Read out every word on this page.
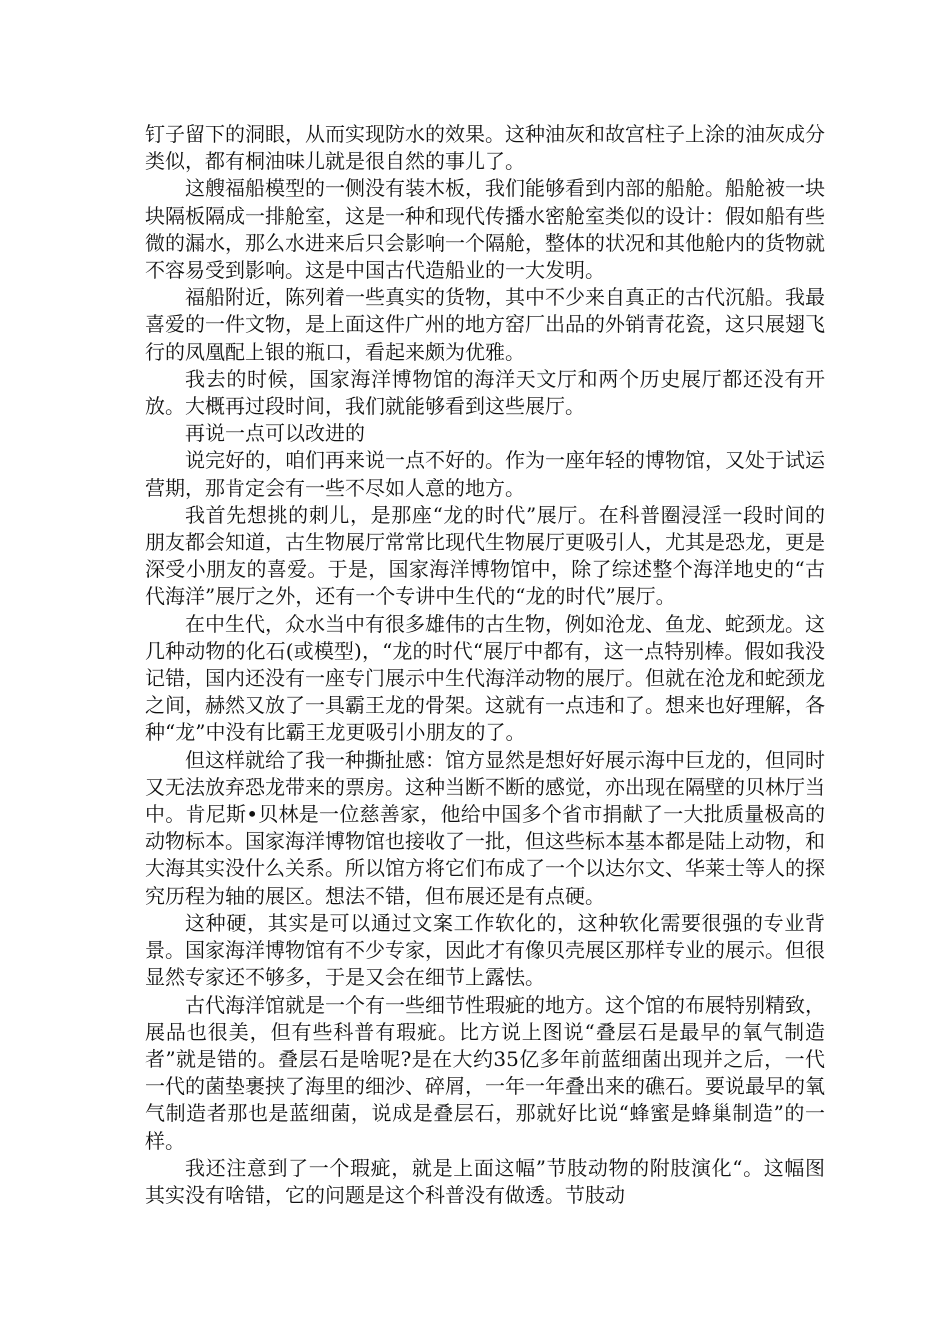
钉子留下的洞眼，从而实现防水的效果。这种油灰和故宫柱子上涂的油灰成分类似，都有桐油味儿就是很自然的事儿了。

这艘福船模型的一侧没有装木板，我们能够看到内部的船舱。船舱被一块块隔板隔成一排舱室，这是一种和现代传播水密舱室类似的设计：假如船有些微的漏水，那么水进来后只会影响一个隔舱，整体的状况和其他舱内的货物就不容易受到影响。这是中国古代造船业的一大发明。

福船附近，陈列着一些真实的货物，其中不少来自真正的古代沉船。我最喜爱的一件文物，是上面这件广州的地方窑厂出品的外销青花瓷，这只展翅飞行的凤凰配上银的瓶口，看起来颇为优雅。

我去的时候，国家海洋博物馆的海洋天文厅和两个历史展厅都还没有开放。大概再过段时间，我们就能够看到这些展厅。

再说一点可以改进的

说完好的，咱们再来说一点不好的。作为一座年轻的博物馆，又处于试运营期，那肯定会有一些不尽如人意的地方。

我首先想挑的刺儿，是那座“龙的时代”展厅。在科普圈浸淫一段时间的朋友都会知道，古生物展厅常常比现代生物展厅更吸引人，尤其是恐龙，更是深受小朋友的喜爱。于是，国家海洋博物馆中，除了综述整个海洋地史的“古代海洋”展厅之外，还有一个专讲中生代的“龙的时代”展厅。

在中生代，众水当中有很多雄伟的古生物，例如沧龙、鱼龙、蛇颈龙。这几种动物的化石(或模型)，“龙的时代“展厅中都有，这一点特别棒。假如我没记错，国内还没有一座专门展示中生代海洋动物的展厅。但就在沧龙和蛇颈龙之间，赫然又放了一具霸王龙的骨架。这就有一点违和了。想来也好理解，各种“龙”中没有比霸王龙更吸引小朋友的了。

但这样就给了我一种撕扯感：馆方显然是想好好展示海中巨龙的，但同时又无法放弃恐龙带来的票房。这种当断不断的感觉，亦出现在隔壁的贝林厅当中。肯尼斯•贝林是一位慈善家，他给中国多个省市捐献了一大批质量极高的动物标本。国家海洋博物馆也接收了一批，但这些标本基本都是陆上动物，和大海其实没什么关系。所以馆方将它们布成了一个以达尔文、华莱士等人的探究历程为轴的展区。想法不错，但布展还是有点硬。

这种硬，其实是可以通过文案工作软化的，这种软化需要很强的专业背景。国家海洋博物馆有不少专家，因此才有像贝壳展区那样专业的展示。但很显然专家还不够多，于是又会在细节上露怯。

古代海洋馆就是一个有一些细节性瑕疵的地方。这个馆的布展特别精致，展品也很美，但有些科普有瑕疵。比方说上图说“叠层石是最早的氧气制造者”就是错的。叠层石是啥呢?是在大约35亿多年前蓝细菌出现并之后，一代一代的菌垫裹挟了海里的细沙、碎屑，一年一年叠出来的礁石。要说最早的氧气制造者那也是蓝细菌，说成是叠层石，那就好比说“蜂蜜是蜂巢制造”的一样。

我还注意到了一个瑕疵，就是上面这幅”节肢动物的附肢演化“。这幅图其实没有啥错，它的问题是这个科普没有做透。节肢动
